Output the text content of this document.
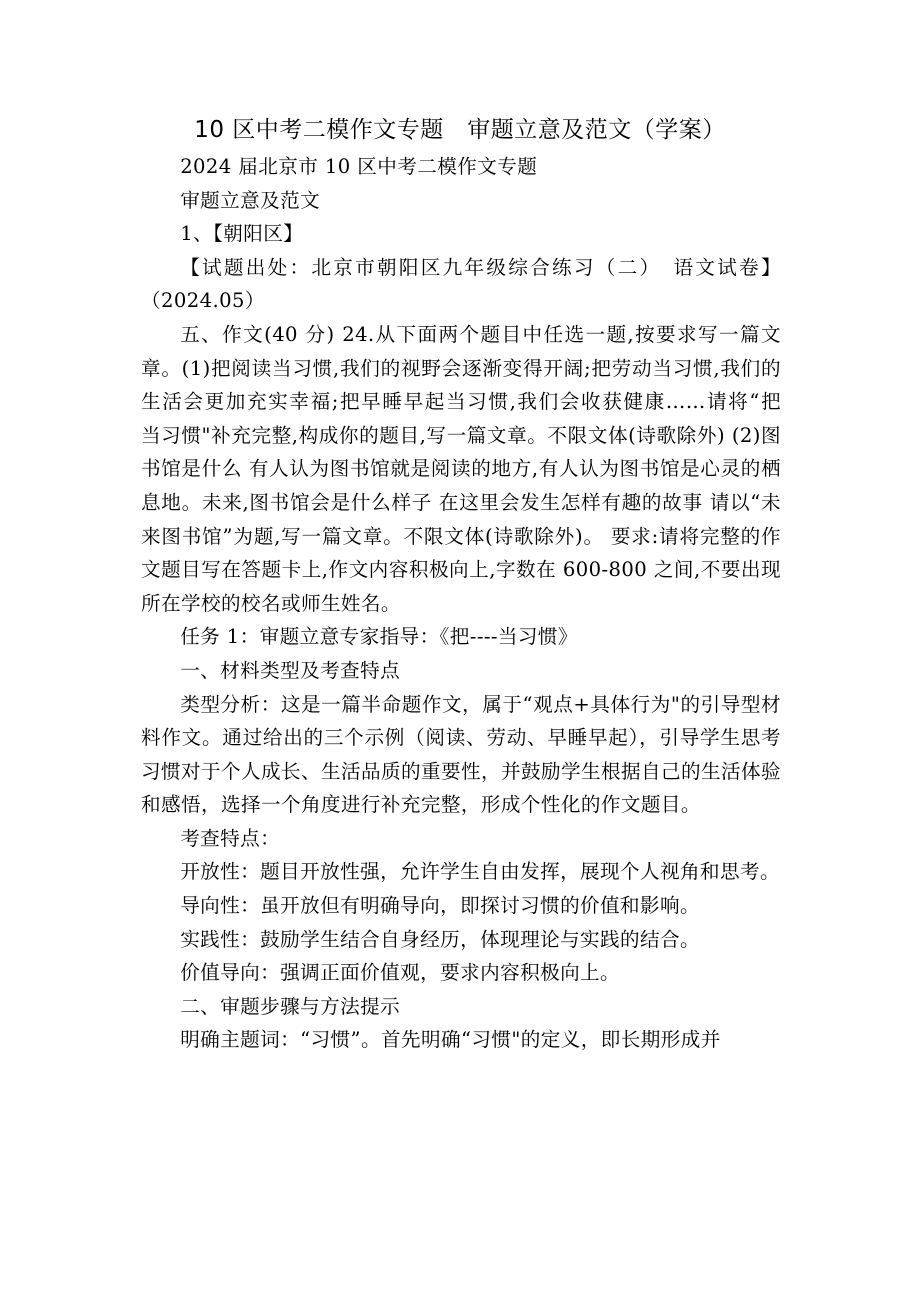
10 区中考二模作文专题　审题立意及范文（学案）

2024 届北京市 10 区中考二模作文专题

审题立意及范文

1、【朝阳区】

【试题出处：北京市朝阳区九年级综合练习（二）　语文试卷】（2024.05）

五、作文(40 分) 24.从下面两个题目中任选一题,按要求写一篇文章。(1)把阅读当习惯,我们的视野会逐渐变得开阔;把劳动当习惯,我们的生活会更加充实幸福;把早睡早起当习惯,我们会收获健康……请将“把　　　　当习惯"补充完整,构成你的题目,写一篇文章。不限文体(诗歌除外) (2)图书馆是什么 有人认为图书馆就是阅读的地方,有人认为图书馆是心灵的栖息地。未来,图书馆会是什么样子 在这里会发生怎样有趣的故事 请以“未来图书馆”为题,写一篇文章。不限文体(诗歌除外)。 要求:请将完整的作文题目写在答题卡上,作文内容积极向上,字数在 600-800 之间,不要出现所在学校的校名或师生姓名。

任务 1：审题立意专家指导：《把----当习惯》

一、材料类型及考查特点

类型分析：这是一篇半命题作文，属于“观点+具体行为"的引导型材料作文。通过给出的三个示例（阅读、劳动、早睡早起），引导学生思考习惯对于个人成长、生活品质的重要性，并鼓励学生根据自己的生活体验和感悟，选择一个角度进行补充完整，形成个性化的作文题目。

考查特点：

开放性：题目开放性强，允许学生自由发挥，展现个人视角和思考。

导向性：虽开放但有明确导向，即探讨习惯的价值和影响。

实践性：鼓励学生结合自身经历，体现理论与实践的结合。

价值导向：强调正面价值观，要求内容积极向上。

二、审题步骤与方法提示

明确主题词：“习惯”。首先明确“习惯"的定义，即长期形成并
